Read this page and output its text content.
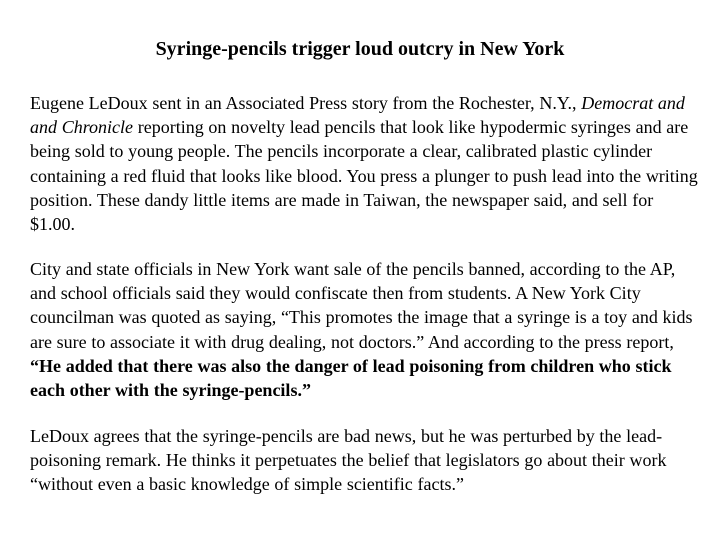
Syringe-pencils trigger loud outcry in New York

Eugene LeDoux sent in an Associated Press story from the Rochester, N.Y., Democrat and and Chronicle reporting on novelty lead pencils that look like hypodermic syringes and are being sold to young people. The pencils incorporate a clear, calibrated plastic cylinder containing a red fluid that looks like blood. You press a plunger to push lead into the writing position. These dandy little items are made in Taiwan, the newspaper said, and sell for $1.00.

City and state officials in New York want sale of the pencils banned, according to the AP, and school officials said they would confiscate then from students. A New York City councilman was quoted as saying, “This promotes the image that a syringe is a toy and kids are sure to associate it with drug dealing, not doctors.” And according to the press report, “He added that there was also the danger of lead poisoning from children who stick each other with the syringe-pencils.”

LeDoux agrees that the syringe-pencils are bad news, but he was perturbed by the lead-poisoning remark. He thinks it perpetuates the belief that legislators go about their work “without even a basic knowledge of simple scientific facts.”
